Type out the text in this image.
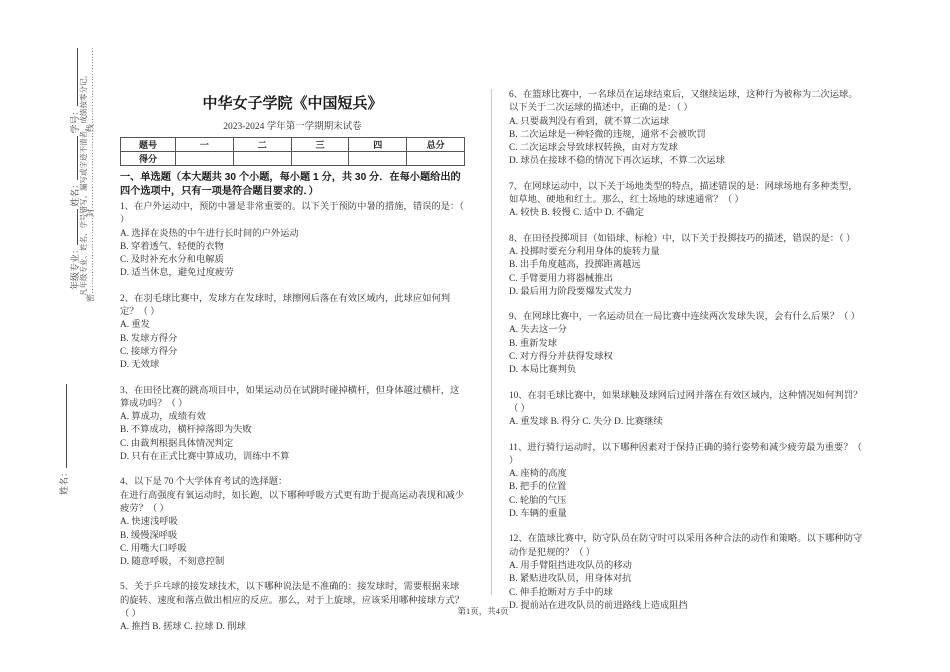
姓名：
年级专业： 姓名： 学号： 凡年级专业、姓名、学号错写、漏写或字迹不清者，成绩按零分记。
密………………………封………………………线………………………	中华女子学院《中国短兵》
2023-2024 学年第一学期期末试卷
题号	一	二	三	四	总分
得分					
一、单选题（本大题共 30 个小题，每小题 1 分，共 30 分．在每小题给出的四个选项中，只有一项是符合题目要求的．）
1、在户外运动中，预防中暑是非常重要的。以下关于预防中暑的措施，错误的是：（ ）
A. 选择在炎热的中午进行长时间的户外运动
B. 穿着透气、轻便的衣物
C. 及时补充水分和电解质
D. 适当休息，避免过度疲劳
2、在羽毛球比赛中，发球方在发球时，球擦网后落在有效区域内，此球应如何判定？（ ）
A. 重发
B. 发球方得分
C. 接球方得分
D. 无效球
3、在田径比赛的跳高项目中，如果运动员在试跳时碰掉横杆，但身体越过横杆，这算成功吗？（ ）
A. 算成功，成绩有效
B. 不算成功，横杆掉落即为失败
C. 由裁判根据具体情况判定
D. 只有在正式比赛中算成功，训练中不算
4、以下是 70 个大学体育考试的选择题：
在进行高强度有氧运动时，如长跑，以下哪种呼吸方式更有助于提高运动表现和减少疲劳？（ ）
A. 快速浅呼吸
B. 缓慢深呼吸
C. 用嘴大口呼吸
D. 随意呼吸，不刻意控制
5、关于乒乓球的接发球技术，以下哪种说法是不准确的：接发球时，需要根据来球的旋转、速度和落点做出相应的反应。那么，对于上旋球，应该采用哪种接球方式？（ ）
A. 推挡 B. 搓球 C. 拉球 D. 削球
6、在篮球比赛中，一名球员在运球结束后，又继续运球，这种行为被称为二次运球。以下关于二次运球的描述中，正确的是：（ ）
A. 只要裁判没有看到，就不算二次运球
B. 二次运球是一种轻微的违规，通常不会被吹罚
C. 二次运球会导致球权转换，由对方发球
D. 球员在接球不稳的情况下再次运球，不算二次运球
7、在网球运动中，以下关于场地类型的特点，描述错误的是：网球场地有多种类型，如草地、硬地和红土。那么，红土场地的球速通常？（ ）
A. 较快 B. 较慢 C. 适中 D. 不确定
8、在田径投掷项目（如铅球、标枪）中，以下关于投掷技巧的描述，错误的是：（ ）
A. 投掷时要充分利用身体的旋转力量
B. 出手角度越高，投掷距离越远
C. 手臂要用力将器械推出
D. 最后用力阶段要爆发式发力
9、在网球比赛中，一名运动员在一局比赛中连续两次发球失误，会有什么后果？（ ）
A. 失去这一分
B. 重新发球
C. 对方得分并获得发球权
D. 本局比赛判负
10、在羽毛球比赛中，如果球触及球网后过网并落在有效区域内，这种情况如何判罚？（ ）
A. 重发球 B. 得分 C. 失分 D. 比赛继续
11、进行骑行运动时，以下哪种因素对于保持正确的骑行姿势和减少疲劳最为重要？（ ）
A. 座椅的高度
B. 把手的位置
C. 轮胎的气压
D. 车辆的重量
12、在篮球比赛中，防守队员在防守时可以采用各种合法的动作和策略。以下哪种防守动作是犯规的？（ ）
A. 用手臂阻挡进攻队员的移动
B. 紧贴进攻队员，用身体对抗
C. 伸手抢断对方手中的球
D. 提前站在进攻队员的前进路线上造成阻挡
第1页，共4页
